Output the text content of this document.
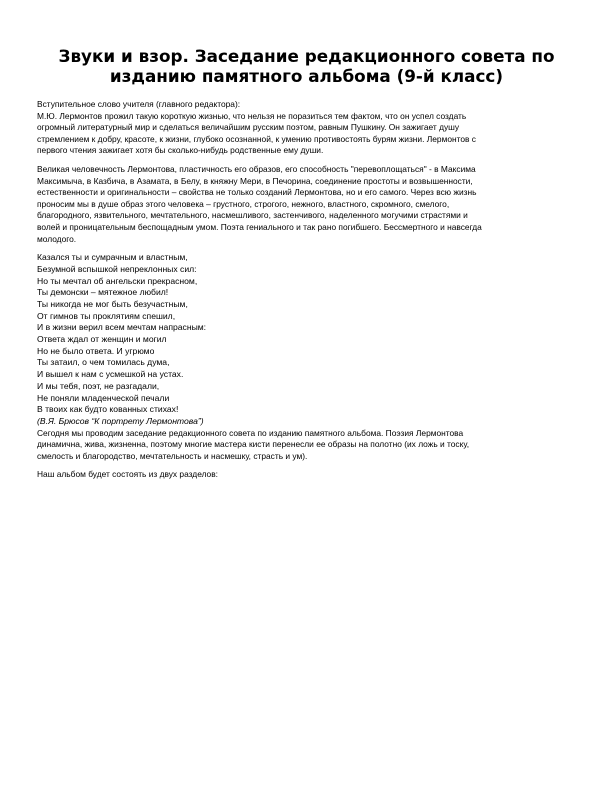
Звуки и взор. Заседание редакционного совета по
изданию памятного альбома (9-й класс)
Вступительное слово учителя (главного редактора):
М.Ю. Лермонтов прожил такую короткую жизнью, что нельзя не поразиться тем фактом, что он успел создать
огромный литературный мир и сделаться величайшим русским поэтом, равным Пушкину. Он зажигает душу
стремлением к добру, красоте, к жизни, глубоко осознанной, к умению противостоять бурям жизни. Лермонтов с
первого чтения зажигает хотя бы сколько-нибудь родственные ему души.
Великая человечность Лермонтова, пластичность его образов, его способность "перевоплощаться" - в Максима
Максимыча, в Казбича, в Азамата, в Белу, в княжну Мери, в Печорина, соединение простоты и возвышенности,
естественности и оригинальности – свойства не только созданий Лермонтова, но и его самого. Через всю жизнь
проносим мы в душе образ этого человека – грустного, строгого, нежного, властного, скромного, смелого,
благородного, язвительного, мечтательного, насмешливого, застенчивого, наделенного могучими страстями и
волей и проницательным беспощадным умом. Поэта гениального и так рано погибшего. Бессмертного и навсегда
молодого.
Казался ты и сумрачным и властным,
Безумной вспышкой непреклонных сил:
Но ты мечтал об ангельски прекрасном,
Ты демонски – мятежное любил!
Ты никогда не мог быть безучастным,
От гимнов ты проклятиям спешил,
И в жизни верил всем мечтам напрасным:
Ответа ждал от женщин и могил
Но не было ответа. И угрюмо
Ты затаил, о чем томилась дума,
И вышел к нам с усмешкой на устах.
И мы тебя, поэт, не разгадали,
Не поняли младенческой печали
В твоих как будто кованных стихах!
(В.Я. Брюсов “К портрету Лермонтова”)
Сегодня мы проводим заседание редакционного совета по изданию памятного альбома. Поэзия Лермонтова
динамична, жива, жизненна, поэтому многие мастера кисти перенесли ее образы на полотно (их ложь и тоску,
смелость и благородство, мечтательность и насмешку, страсть и ум).
Наш альбом будет состоять из двух разделов:
